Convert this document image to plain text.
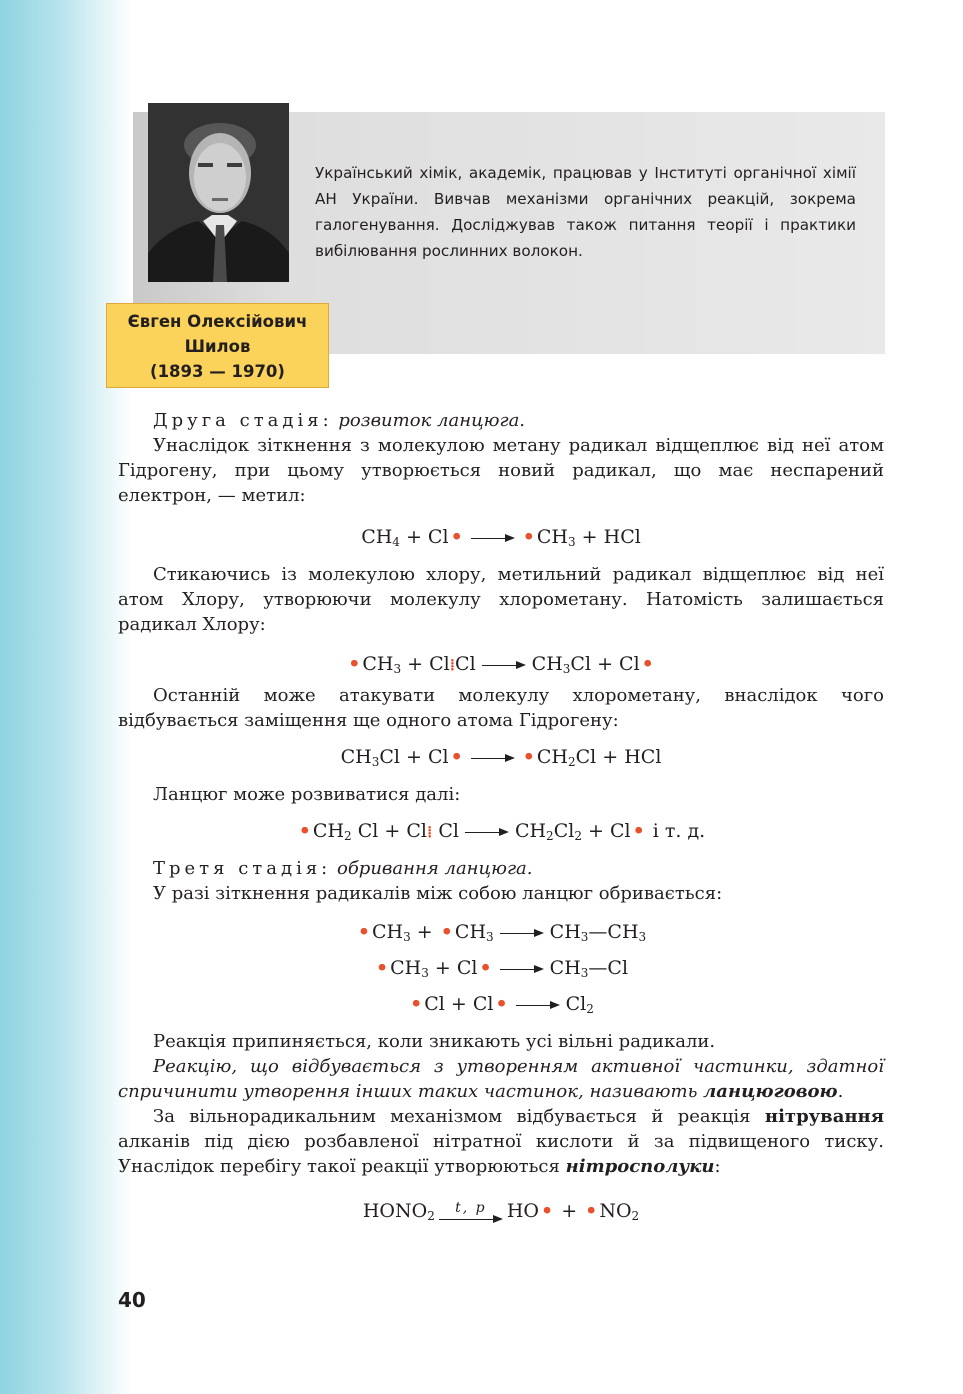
Український хімік, академік, працював у Інституті органічної хімії АН України. Вивчав механізми органічних реакцій, зокрема галогенування. Досліджував також питання теорії і практики вибілювання рослинних волокон.
Євген Олексійович
Шилов
(1893 — 1970)

Друга стадія: розвиток ланцюга.

Унаслідок зіткнення з молекулою метану радикал відщеплює від неї атом Гідрогену, при цьому утворюється новий радикал, що має неспарений електрон, — метил:

$CH_4 + Cl$ •	• $CH_3$ + HCl

Стикаючись із молекулою хлору, метильний радикал відщеплює від неї атом Хлору, утворюючи молекулу хлорометану. Натомість залишається радикал Хлору:

• $CH_3$ + Cl⁞Cl	$CH_3Cl + Cl$ •

Останній може атакувати молекулу хлорометану, внаслідок чого відбувається заміщення ще одного атома Гідрогену:

$CH_3Cl + Cl$ •	• $CH_2Cl$ + HCl

Ланцюг може розвиватися далі:

• $CH_2$ Cl + Cl⁞ Cl	$CH_2Cl_2 + Cl$ • і т. д.

Третя стадія: обривання ланцюга.

У разі зіткнення радикалів між собою ланцюг обривається:

• $CH_3$ + • $CH_3$	$CH_3—CH_3$
• $CH_3 + Cl$ •	$CH_3—Cl$
• Cl + Cl •	$Cl_2$

Реакція припиняється, коли зникають усі вільні радикали.

Реакцію, що відбувається з утворенням активної частинки, здатної спричинити утворення інших таких частинок, називають ланцюговою.

За вільнорадикальним механізмом відбувається й реакція нітрування алканів під дією розбавленої нітратної кислоти й за підвищеного тиску. Унаслідок перебігу такої реакції утворюються нітросполуки:

$HONO_2$
t, p	HO • + • $NO_2$
40
